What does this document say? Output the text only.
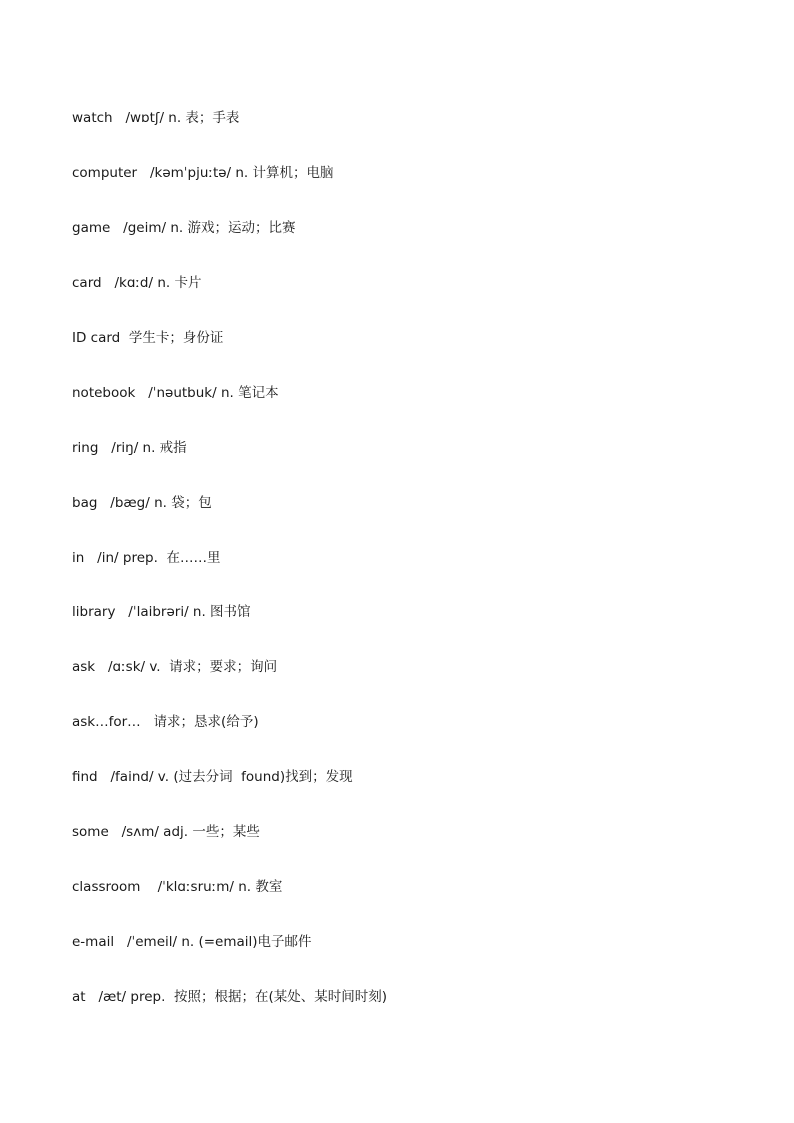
watch   /wɒtʃ/ n. 表；手表
computer   /kəmˈpjuːtə/ n. 计算机；电脑
game   /geim/ n. 游戏；运动；比赛
card   /kɑːd/ n. 卡片
ID card  学生卡；身份证
notebook   /ˈnəutbuk/ n. 笔记本
ring   /riŋ/ n. 戒指
bag   /bæg/ n. 袋；包
in   /in/ prep.  在……里
library   /ˈlaibrəri/ n. 图书馆
ask   /ɑːsk/ v.  请求；要求；询问
ask…for…   请求；恳求(给予)
find   /faind/ v. (过去分词  found)找到；发现
some   /sʌm/ adj. 一些；某些
classroom    /ˈklɑːsruːm/ n. 教室
e-mail   /ˈemeil/ n. (=email)电子邮件
at   /æt/ prep.  按照；根据；在(某处、某时间时刻)
